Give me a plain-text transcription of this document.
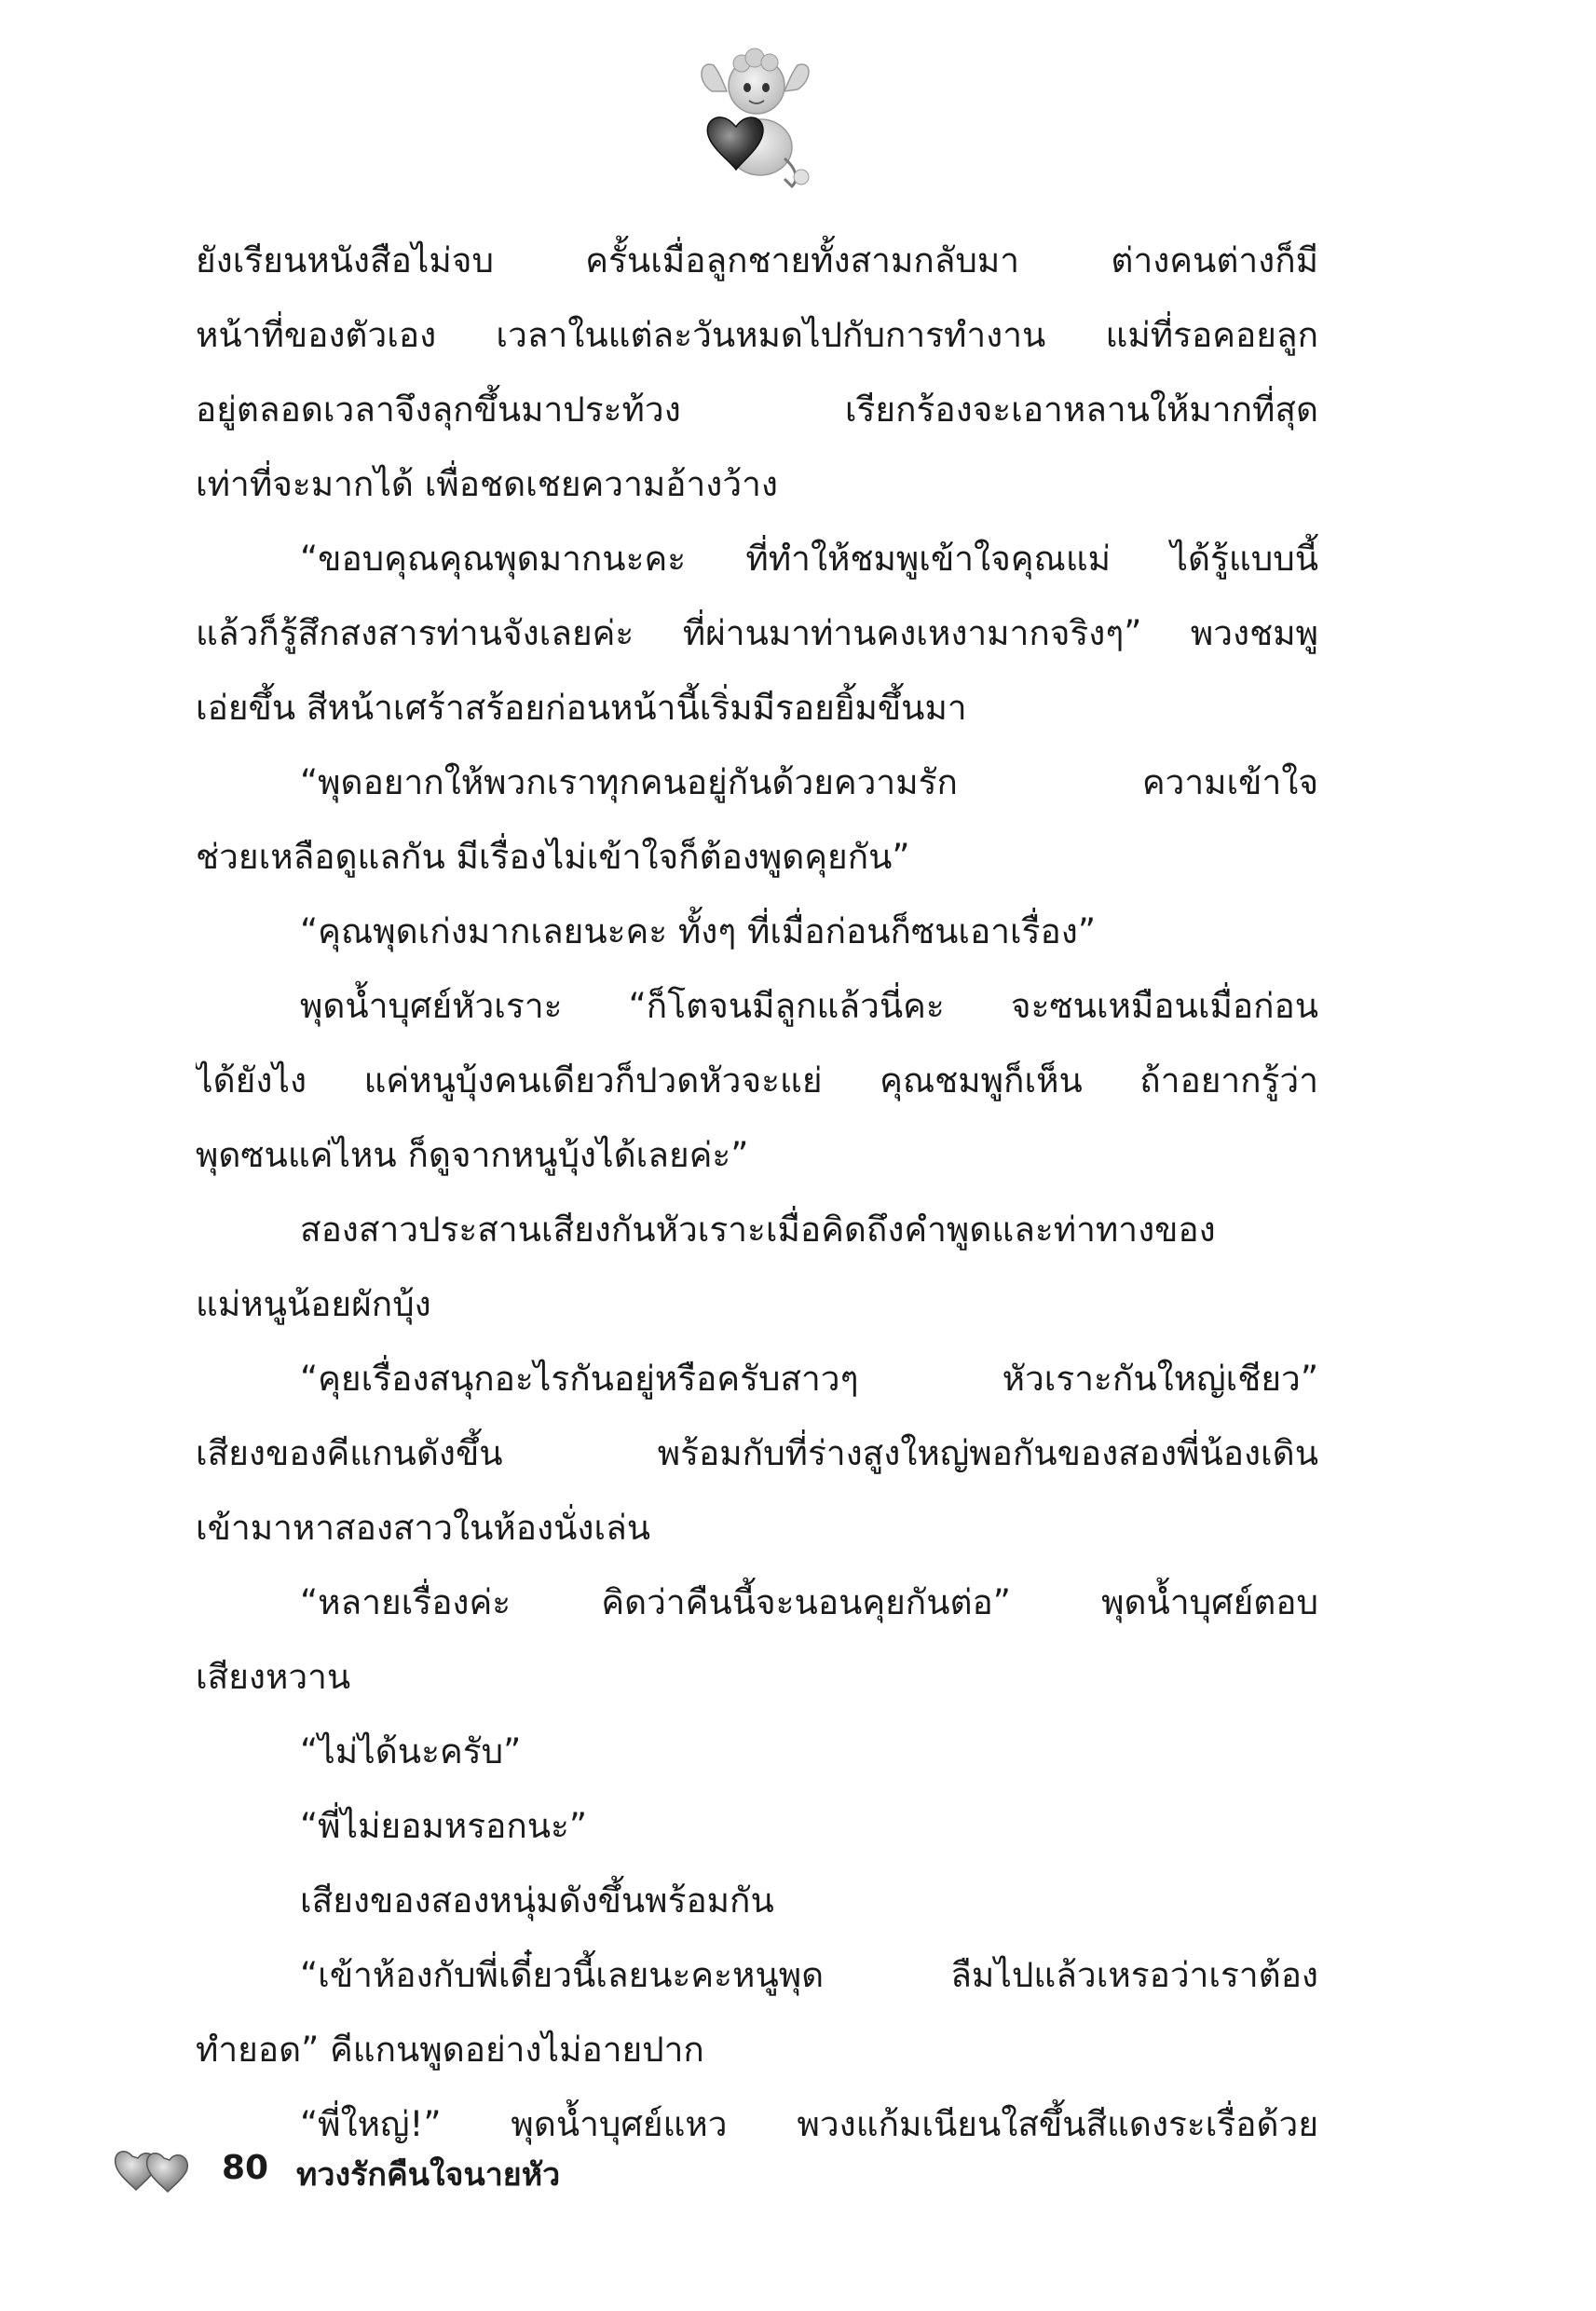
ยังเรียนหนังสือไม่จบ ครั้นเมื่อลูกชายทั้งสามกลับมา ต่างคนต่างก็มี
หน้าที่ของตัวเอง เวลาในแต่ละวันหมดไปกับการทำงาน แม่ที่รอคอยลูก
อยู่ตลอดเวลาจึงลุกขึ้นมาประท้วง เรียกร้องจะเอาหลานให้มากที่สุด
เท่าที่จะมากได้ เพื่อชดเชยความอ้างว้าง
“ขอบคุณคุณพุดมากนะคะ ที่ทำให้ชมพูเข้าใจคุณแม่ ได้รู้แบบนี้
แล้วก็รู้สึกสงสารท่านจังเลยค่ะ ที่ผ่านมาท่านคงเหงามากจริงๆ” พวงชมพู
เอ่ยขึ้น สีหน้าเศร้าสร้อยก่อนหน้านี้เริ่มมีรอยยิ้มขึ้นมา
“พุดอยากให้พวกเราทุกคนอยู่กันด้วยความรัก ความเข้าใจ
ช่วยเหลือดูแลกัน มีเรื่องไม่เข้าใจก็ต้องพูดคุยกัน”
“คุณพุดเก่งมากเลยนะคะ ทั้งๆ ที่เมื่อก่อนก็ซนเอาเรื่อง”
พุดน้ำบุศย์หัวเราะ “ก็โตจนมีลูกแล้วนี่คะ จะซนเหมือนเมื่อก่อน
ได้ยังไง แค่หนูบุ้งคนเดียวก็ปวดหัวจะแย่ คุณชมพูก็เห็น ถ้าอยากรู้ว่า
พุดซนแค่ไหน ก็ดูจากหนูบุ้งได้เลยค่ะ”
สองสาวประสานเสียงกันหัวเราะเมื่อคิดถึงคำพูดและท่าทางของ
แม่หนูน้อยผักบุ้ง
“คุยเรื่องสนุกอะไรกันอยู่หรือครับสาวๆ หัวเราะกันใหญ่เชียว”
เสียงของคีแกนดังขึ้น พร้อมกับที่ร่างสูงใหญ่พอกันของสองพี่น้องเดิน
เข้ามาหาสองสาวในห้องนั่งเล่น
“หลายเรื่องค่ะ คิดว่าคืนนี้จะนอนคุยกันต่อ” พุดน้ำบุศย์ตอบ
เสียงหวาน
“ไม่ได้นะครับ”
“พี่ไม่ยอมหรอกนะ”
เสียงของสองหนุ่มดังขึ้นพร้อมกัน
“เข้าห้องกับพี่เดี๋ยวนี้เลยนะคะหนูพุด ลืมไปแล้วเหรอว่าเราต้อง
ทำยอด” คีแกนพูดอย่างไม่อายปาก
“พี่ใหญ่!” พุดน้ำบุศย์แหว พวงแก้มเนียนใสขึ้นสีแดงระเรื่อด้วย
80 ทวงรักคืนใจนายหัว
